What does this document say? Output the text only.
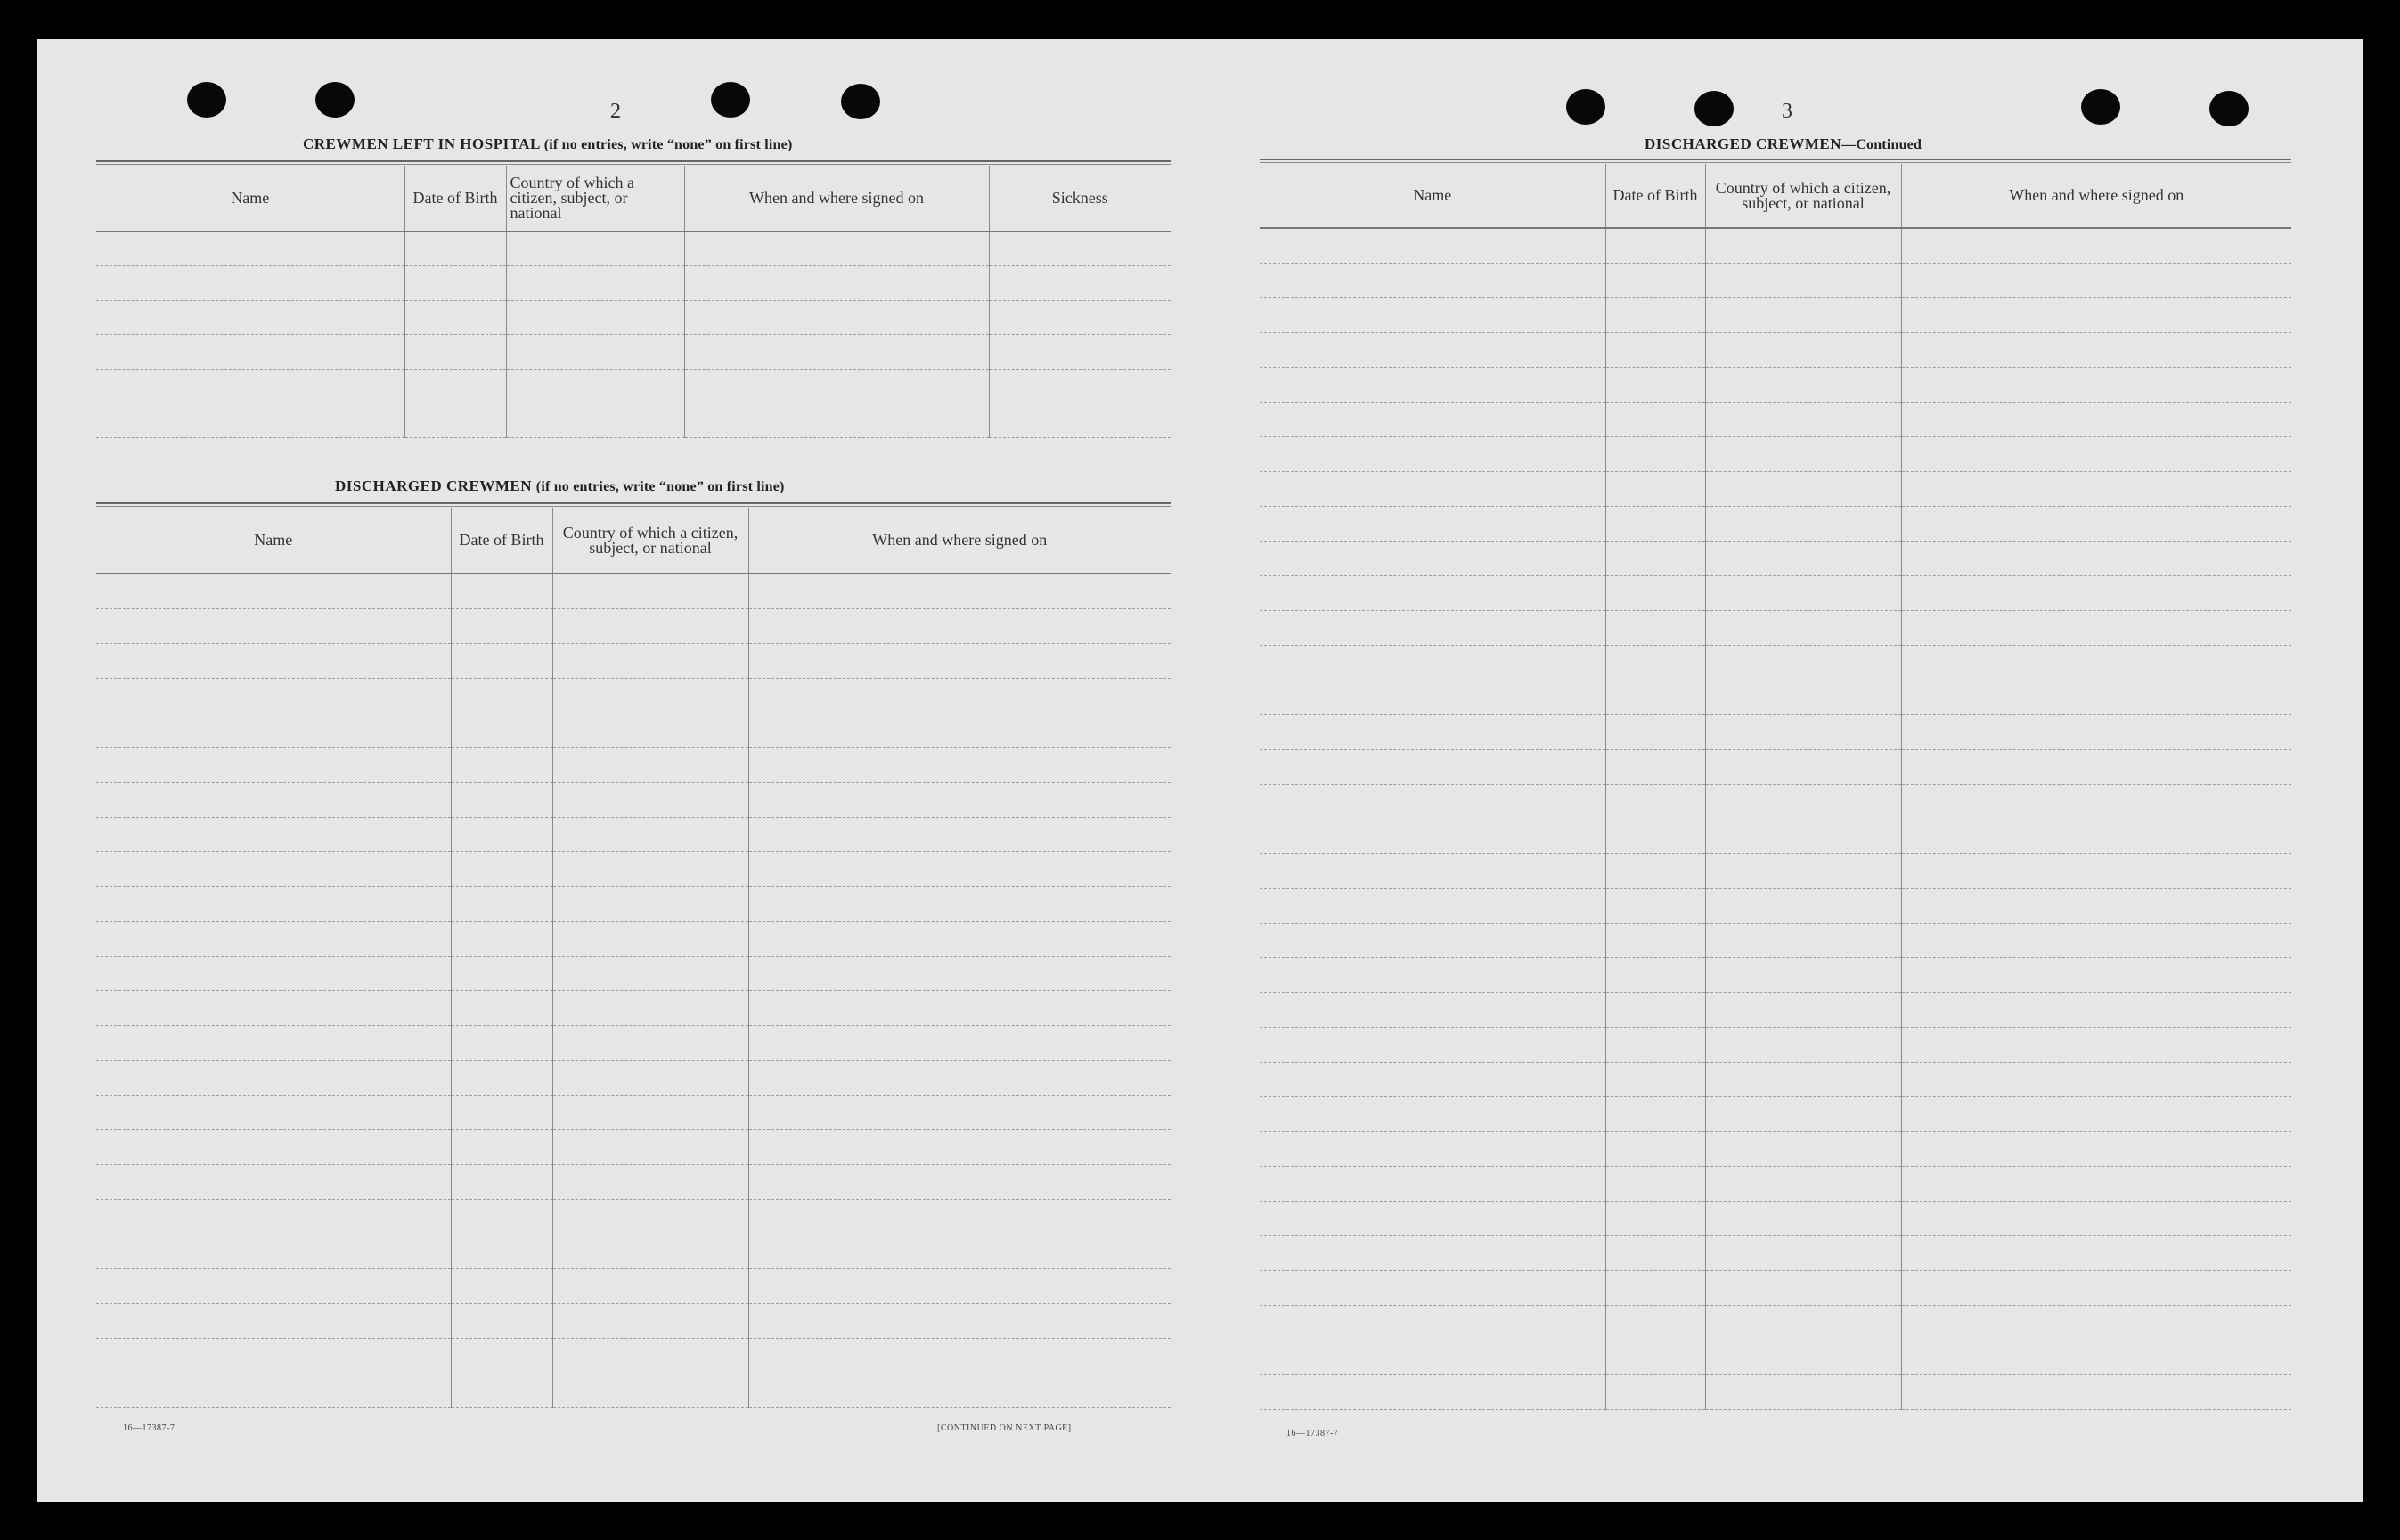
2
CREWMEN LEFT IN HOSPITAL (if no entries, write “none” on first line)
Name	Date of Birth	Country of which a citizen, subject, or national	When and where signed on	Sickness

DISCHARGED CREWMEN (if no entries, write “none” on first line)
Name	Date of Birth	Country of which a citizen, subject, or national	When and where signed on

16—17387-7	[CONTINUED ON NEXT PAGE]
3
DISCHARGED CREWMEN—Continued
Name	Date of Birth	Country of which a citizen, subject, or national	When and where signed on

16—17387-7
